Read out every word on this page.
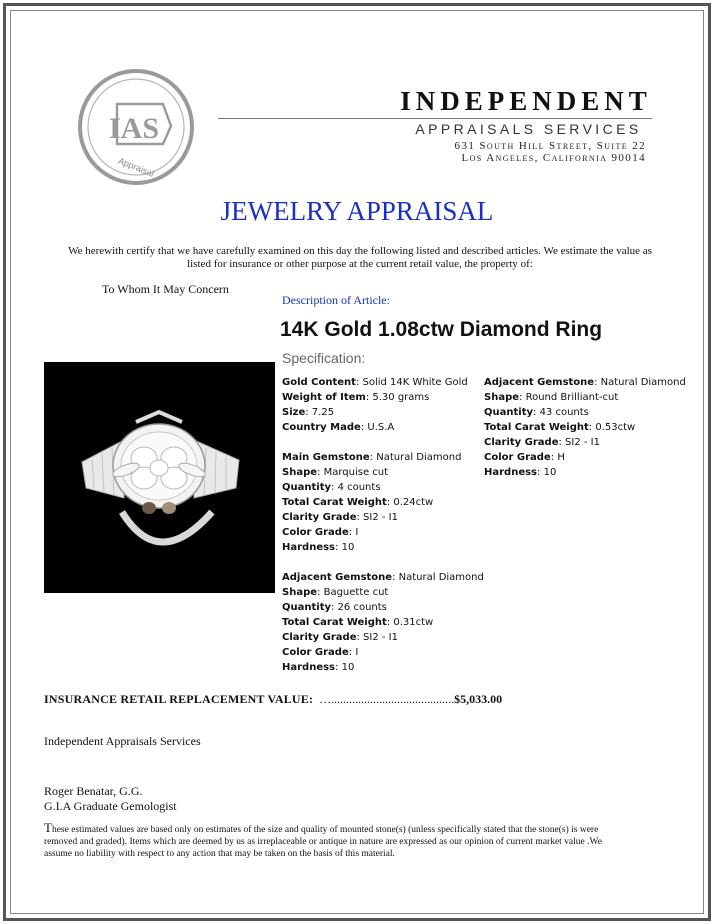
IAS
Appraisal
INDEPENDENT
APPRAISALS SERVICES
631 South Hill Street, Suite 22
Los Angeles, California 90014
JEWELRY APPRAISAL
We herewith certify that we have carefully examined on this day the following listed and described articles. We estimate the value as listed for insurance or other purpose at the current retail value, the property of:
To Whom It May Concern
Description of Article:
14K Gold 1.08ctw Diamond Ring
Specification:
Gold Content: Solid 14K White Gold
Weight of Item: 5.30 grams
Size: 7.25
Country Made: U.S.A
Main Gemstone: Natural Diamond
Shape: Marquise cut
Quantity: 4 counts
Total Carat Weight: 0.24ctw
Clarity Grade: SI2 - I1
Color Grade: I
Hardness: 10
Adjacent Gemstone: Natural Diamond
Shape: Baguette cut
Quantity: 26 counts
Total Carat Weight: 0.31ctw
Clarity Grade: SI2 - I1
Color Grade: I
Hardness: 10
Adjacent Gemstone: Natural Diamond
Shape: Round Brilliant-cut
Quantity: 43 counts
Total Carat Weight: 0.53ctw
Clarity Grade: SI2 - I1
Color Grade: H
Hardness: 10
INSURANCE RETAIL REPLACEMENT VALUE: ….........................................$5,033.00
Independent Appraisals Services
Roger Benatar, G.G.
G.I.A Graduate Gemologist
These estimated values are based only on estimates of the size and quality of mounted stone(s) (unless specifically stated that the stone(s) is were removed and graded). Items which are deemed by us as irreplaceable or antique in nature are expressed as our opinion of current market value .We assume no liability with respect to any action that may be taken on the basis of this material.
